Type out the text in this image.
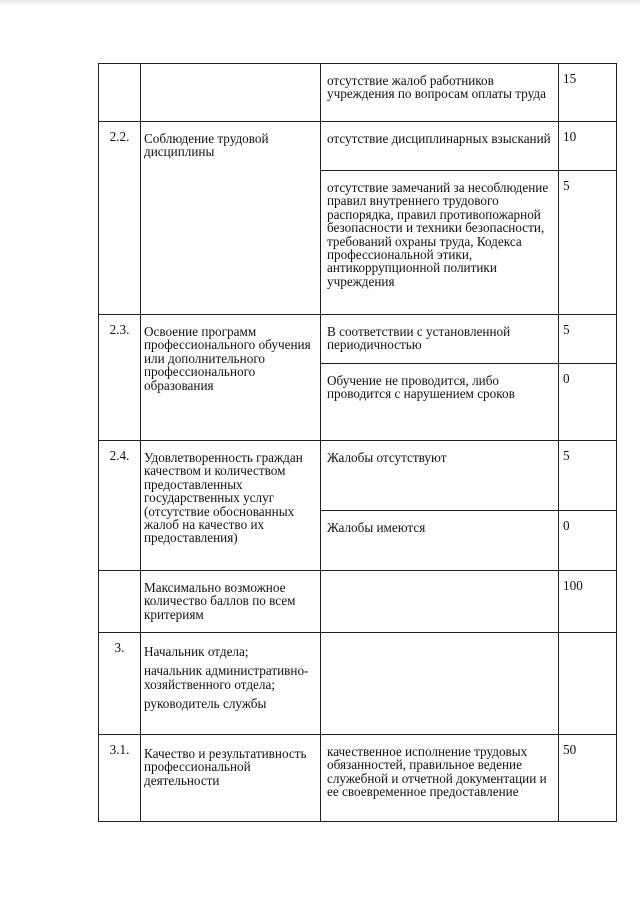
		отсутствие жалоб работников учреждения по вопросам оплаты труда	15
2.2.	Соблюдение трудовой дисциплины	отсутствие дисциплинарных взысканий	10
		отсутствие замечаний за несоблюдение правил внутреннего трудового распорядка, правил противопожарной безопасности и техники безопасности, требований охраны труда, Кодекса профессиональной этики, антикоррупционной политики учреждения	5
2.3.	Освоение программ профессионального обучения или дополнительного профессионального образования	В соответствии с установленной периодичностью	5
		Обучение не проводится, либо проводится с нарушением сроков	0
2.4.	Удовлетворенность граждан качеством и количеством предоставленных государственных услуг (отсутствие обоснованных жалоб на качество их предоставления)	Жалобы отсутствуют	5
		Жалобы имеются	0
	Максимально возможное количество баллов по всем критериям		100
3.	Начальник отдела;
начальник административно-хозяйственного отдела;
руководитель службы		

3.1.	Качество и результативность профессиональной деятельности	качественное исполнение трудовых обязанностей, правильное ведение служебной и отчетной документации и ее своевременное предоставление	50
